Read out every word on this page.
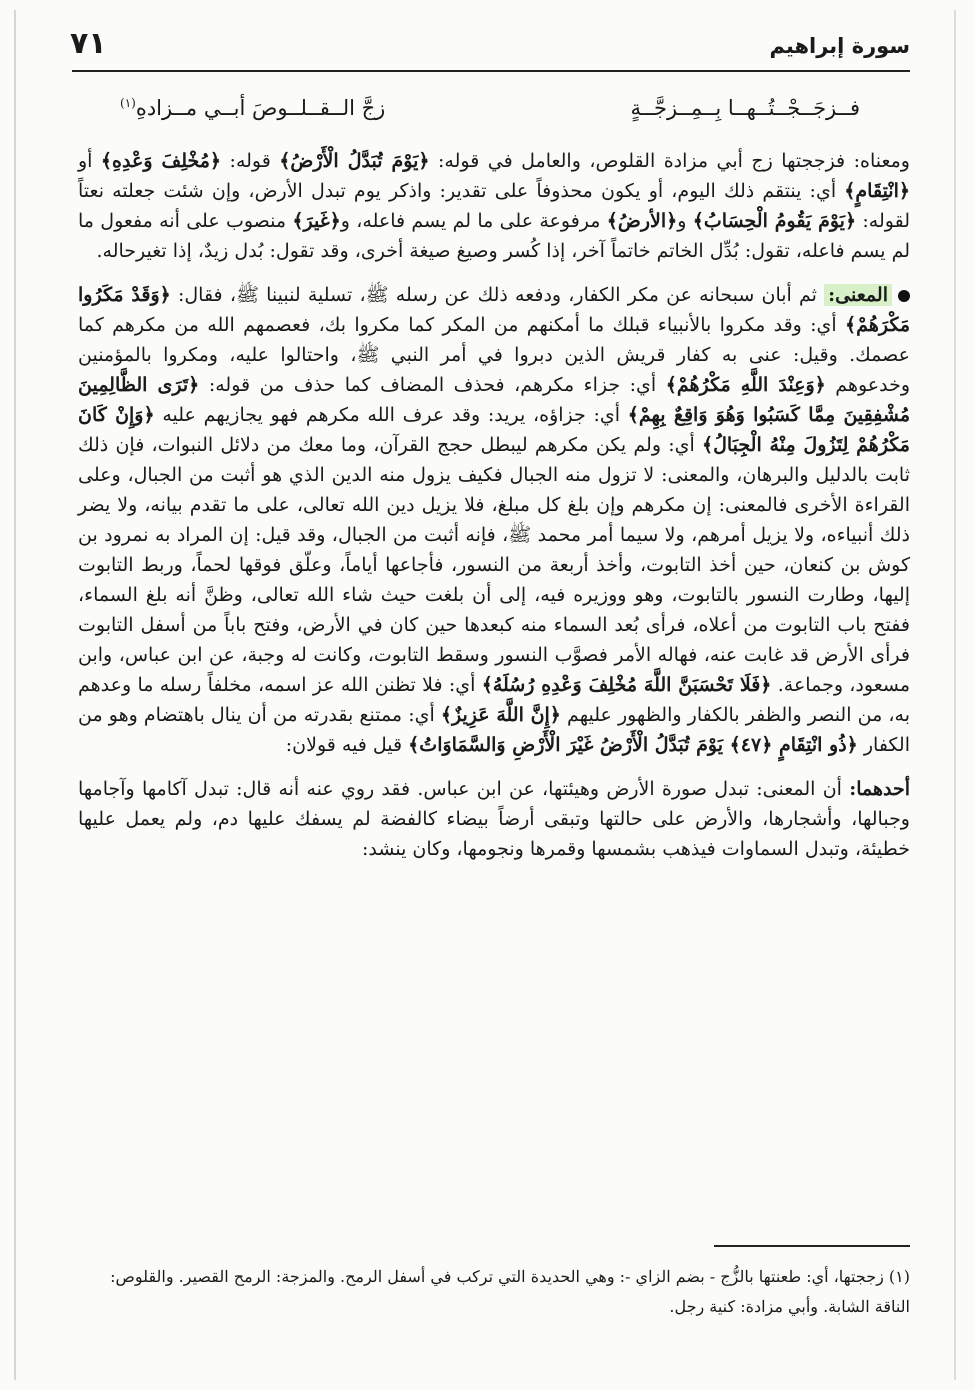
سورة إبراهيم
٧١
فــزجَــجْــتُــهــا بِــمِــزجَّــةٍ
زجَّ الــقــلــوصَ أبــي مــزادهِ$^{(١)}$

ومعناه: فزججتها زج أبي مزادة القلوص، والعامل في قوله: ﴿يَوْمَ تُبَدَّلُ الْأَرْضُ﴾ قوله: ﴿مُخْلِفَ وَعْدِهِ﴾ أو ﴿انْتِقَامٍ﴾ أي: ينتقم ذلك اليوم، أو يكون محذوفاً على تقدير: واذكر يوم تبدل الأرض، وإن شئت جعلته نعتاً لقوله: ﴿يَوْمَ يَقُومُ الْحِسَابُ﴾ و﴿الأرضُ﴾ مرفوعة على ما لم يسم فاعله، و﴿غَيرَ﴾ منصوب على أنه مفعول ما لم يسم فاعله، تقول: بُدِّل الخاتم خاتماً آخر، إذا كُسر وصيغ صيغة أخرى، وقد تقول: بُدل زيدٌ، إذا تغيرحاله.

المعنى: ثم أبان سبحانه عن مكر الكفار، ودفعه ذلك عن رسله ﷺ، تسلية لنبينا ﷺ، فقال: ﴿وَقَدْ مَكَرُوا مَكْرَهُمْ﴾ أي: وقد مكروا بالأنبياء قبلك ما أمكنهم من المكر كما مكروا بك، فعصمهم الله من مكرهم كما عصمك. وقيل: عنى به كفار قريش الذين دبروا في أمر النبي ﷺ، واحتالوا عليه، ومكروا بالمؤمنين وخدعوهم ﴿وَعِنْدَ اللَّهِ مَكْرُهُمْ﴾ أي: جزاء مكرهم، فحذف المضاف كما حذف من قوله: ﴿تَرَى الظَّالِمِينَ مُشْفِقِينَ مِمَّا كَسَبُوا وَهُوَ وَاقِعٌ بِهِمْ﴾ أي: جزاؤه، يريد: وقد عرف الله مكرهم فهو يجازيهم عليه ﴿وَإِنْ كَانَ مَكْرُهُمْ لِتَزُولَ مِنْهُ الْجِبَالُ﴾ أي: ولم يكن مكرهم ليبطل حجج القرآن، وما معك من دلائل النبوات، فإن ذلك ثابت بالدليل والبرهان، والمعنى: لا تزول منه الجبال فكيف يزول منه الدين الذي هو أثبت من الجبال، وعلى القراءة الأخرى فالمعنى: إن مكرهم وإن بلغ كل مبلغ، فلا يزيل دين الله تعالى، على ما تقدم بيانه، ولا يضر ذلك أنبياءه، ولا يزيل أمرهم، ولا سيما أمر محمد ﷺ، فإنه أثبت من الجبال، وقد قيل: إن المراد به نمرود بن كوش بن كنعان، حين أخذ التابوت، وأخذ أربعة من النسور، فأجاعها أياماً، وعلّق فوقها لحماً، وربط التابوت إليها، وطارت النسور بالتابوت، وهو ووزيره فيه، إلى أن بلغت حيث شاء الله تعالى، وظنَّ أنه بلغ السماء، ففتح باب التابوت من أعلاه، فرأى بُعد السماء منه كبعدها حين كان في الأرض، وفتح باباً من أسفل التابوت فرأى الأرض قد غابت عنه، فهاله الأمر فصوَّب النسور وسقط التابوت، وكانت له وجبة، عن ابن عباس، وابن مسعود، وجماعة. ﴿فَلَا تَحْسَبَنَّ اللَّهَ مُخْلِفَ وَعْدِهِ رُسُلَهُ﴾ أي: فلا تظنن الله عز اسمه، مخلفاً رسله ما وعدهم به، من النصر والظفر بالكفار والظهور عليهم ﴿إِنَّ اللَّهَ عَزِيزٌ﴾ أي: ممتنع بقدرته من أن ينال باهتضام وهو من الكفار ﴿ذُو انْتِقَامٍ ﴿٤٧﴾ يَوْمَ تُبَدَّلُ الْأَرْضُ غَيْرَ الْأَرْضِ وَالسَّمَاوَاتُ﴾ قيل فيه قولان:

أحدهما: أن المعنى: تبدل صورة الأرض وهيئتها، عن ابن عباس. فقد روي عنه أنه قال: تبدل آكامها وآجامها وجبالها، وأشجارها، والأرض على حالتها وتبقى أرضاً بيضاء كالفضة لم يسفك عليها دم، ولم يعمل عليها خطيئة، وتبدل السماوات فيذهب بشمسها وقمرها ونجومها، وكان ينشد:

(١) زججتها، أي: طعنتها بالزُّج - بضم الزاي -: وهي الحديدة التي تركب في أسفل الرمح. والمزجة: الرمح القصير. والقلوص: الناقة الشابة. وأبي مزادة: كنية رجل.
